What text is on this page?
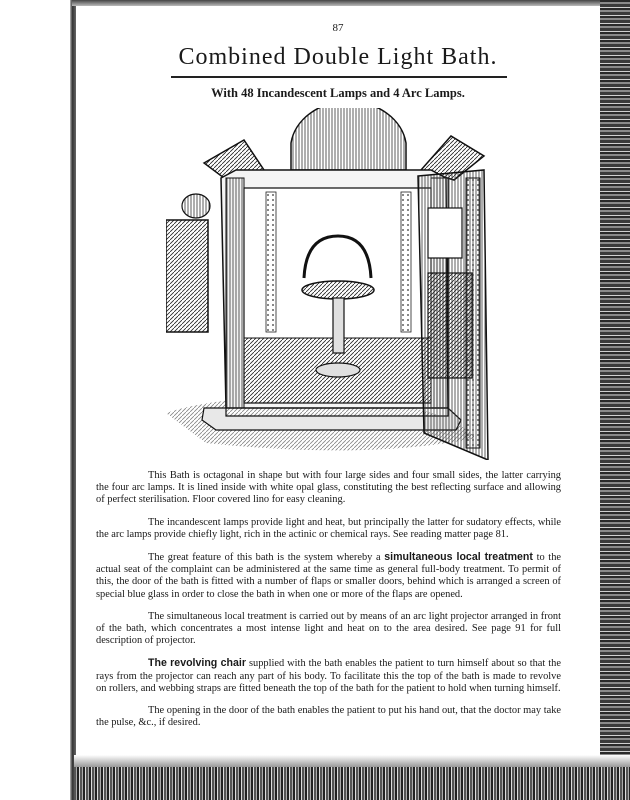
87
Combined Double Light Bath.
With 48 Incandescent Lamps and 4 Arc Lamps.

This Bath is octagonal in shape but with four large sides and four small sides, the latter carrying the four arc lamps. It is lined inside with white opal glass, constituting the best reflecting surface and allowing of perfect sterilisation. Floor covered lino for easy cleaning.

The incandescent lamps provide light and heat, but principally the latter for sudatory effects, while the arc lamps provide chiefly light, rich in the actinic or chemical rays. See reading matter page 81.

The great feature of this bath is the system whereby a simultaneous local treatment to the actual seat of the complaint can be administered at the same time as general full-body treatment. To permit of this, the door of the bath is fitted with a number of flaps or smaller doors, behind which is arranged a screen of special blue glass in order to close the bath in when one or more of the flaps are opened.

The simultaneous local treatment is carried out by means of an arc light projector arranged in front of the bath, which concentrates a most intense light and heat on to the area desired. See page 91 for full description of projector.

The revolving chair supplied with the bath enables the patient to turn himself about so that the rays from the projector can reach any part of his body. To facilitate this the top of the bath is made to revolve on rollers, and webbing straps are fitted beneath the top of the bath for the patient to hold when turning himself.

The opening in the door of the bath enables the patient to put his hand out, that the doctor may take the pulse, &c., if desired.
